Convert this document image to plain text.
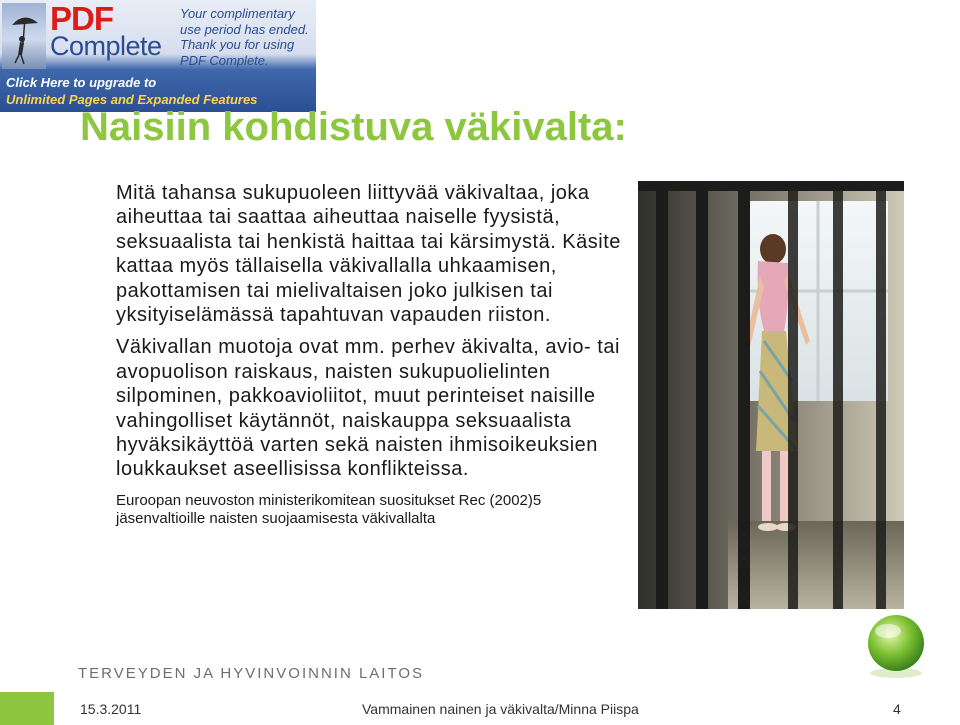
PDF
Complete
Your complimentary
use period has ended.
Thank you for using
PDF Complete.
Click Here to upgrade to
Unlimited Pages and Expanded Features
Naisiin kohdistuva väkivalta:

Mitä tahansa sukupuoleen liittyvää väkivaltaa, joka aiheuttaa tai saattaa aiheuttaa naiselle fyysistä, seksuaalista tai henkistä haittaa tai kärsimystä. Käsite kattaa myös tällaisella väkivallalla uhkaamisen, pakottamisen tai mielivaltaisen joko julkisen tai yksityiselämässä tapahtuvan vapauden riiston.

Väkivallan muotoja ovat mm. perhev äkivalta, avio- tai avopuolison raiskaus, naisten sukupuolielinten silpominen, pakkoavioliitot, muut perinteiset naisille vahingolliset käytännöt, naiskauppa seksuaalista hyväksikäyttöä varten sekä naisten ihmisoikeuksien loukkaukset aseellisissa konflikteissa.

Euroopan neuvoston ministerikomitean suositukset Rec (2002)5 jäsenvaltioille naisten suojaamisesta väkivallalta

TERVEYDEN JA HYVINVOINNIN LAITOS
15.3.2011	Vammainen nainen ja väkivalta/Minna Piispa	4
